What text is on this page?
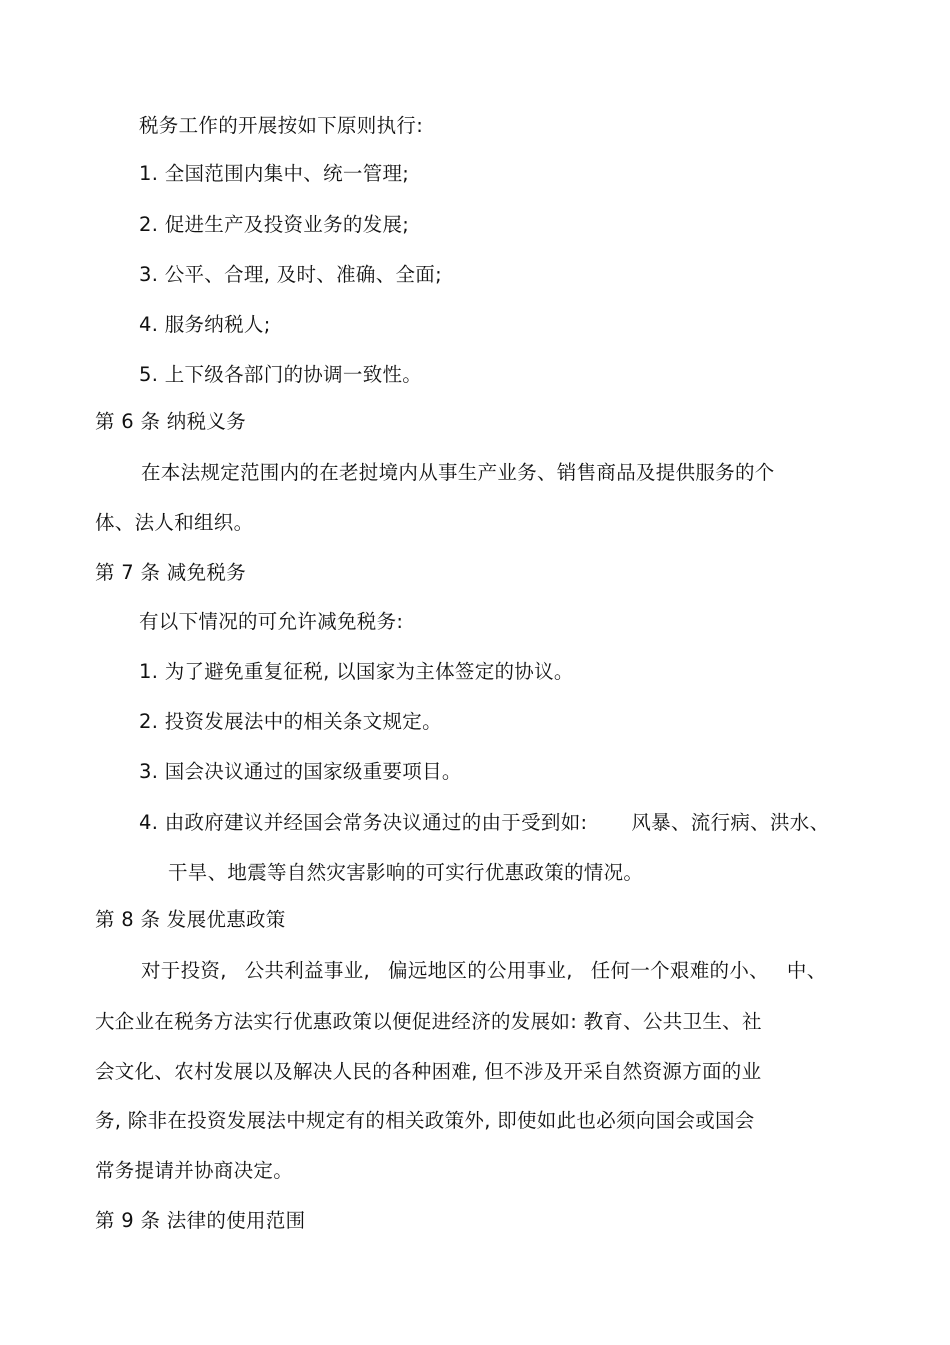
税务工作的开展按如下原则执行:
1. 全国范围内集中、统一管理;
2. 促进生产及投资业务的发展;
3. 公平、合理, 及时、准确、全面;
4. 服务纳税人;
5. 上下级各部门的协调一致性。
第 6 条 纳税义务
在本法规定范围内的在老挝境内从事生产业务、销售商品及提供服务的个
体、法人和组织。
第 7 条 减免税务
有以下情况的可允许减免税务:
1. 为了避免重复征税, 以国家为主体签定的协议。
2. 投资发展法中的相关条文规定。
3. 国会决议通过的国家级重要项目。
4. 由政府建议并经国会常务决议通过的由于受到如: 风暴、流行病、洪水、
干旱、地震等自然灾害影响的可实行优惠政策的情况。
第 8 条 发展优惠政策
对于投资, 公共利益事业, 偏远地区的公用事业, 任何一个艰难的小、 中、
大企业在税务方法实行优惠政策以便促进经济的发展如: 教育、公共卫生、社
会文化、农村发展以及解决人民的各种困难, 但不涉及开采自然资源方面的业
务, 除非在投资发展法中规定有的相关政策外, 即使如此也必须向国会或国会
常务提请并协商决定。
第 9 条 法律的使用范围
